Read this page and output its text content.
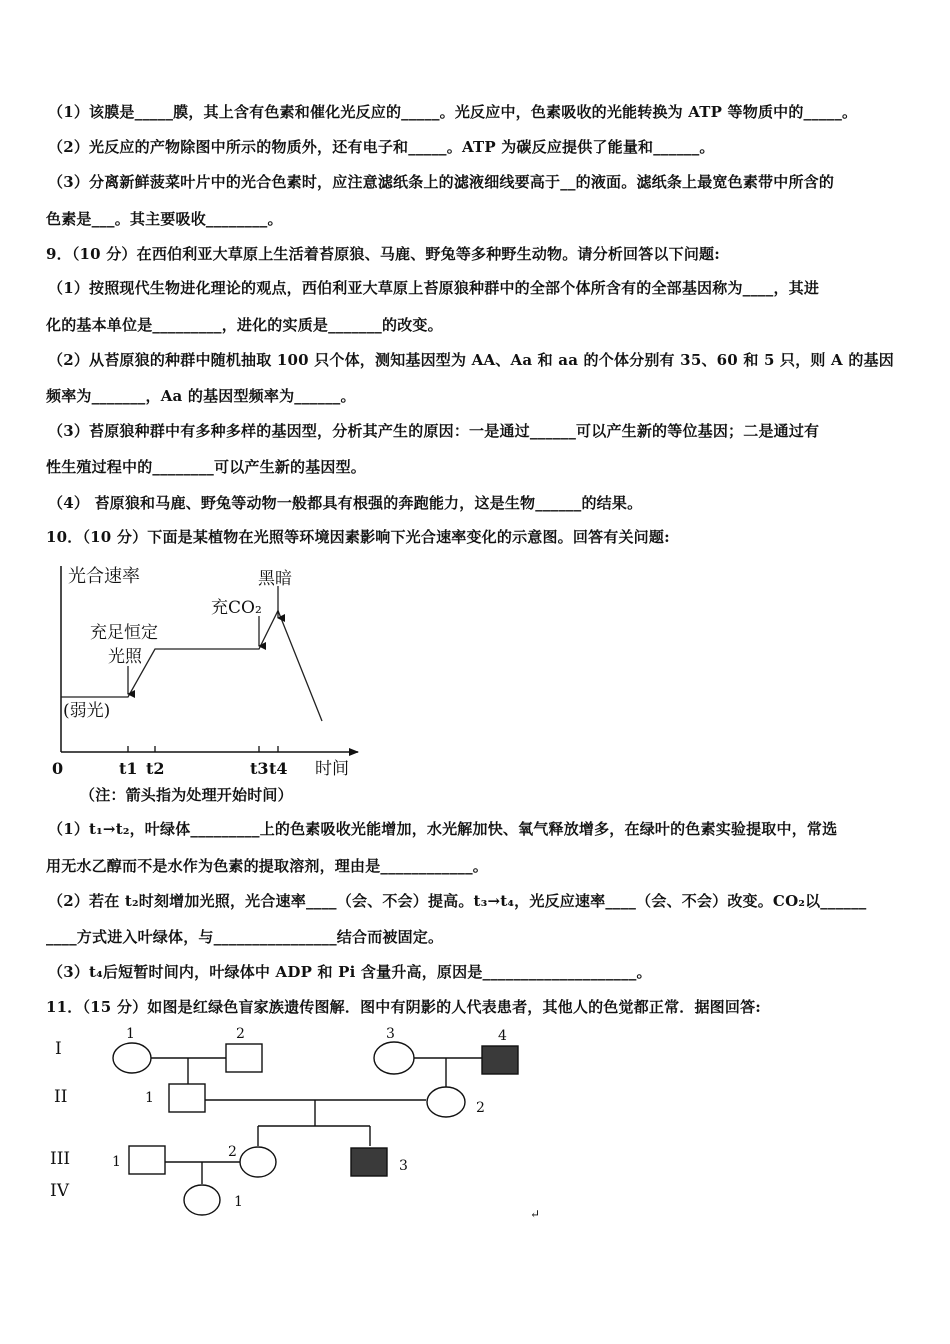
（1）该膜是_____膜，其上含有色素和催化光反应的_____。光反应中，色素吸收的光能转换为 ATP 等物质中的_____。
（2）光反应的产物除图中所示的物质外，还有电子和_____。ATP 为碳反应提供了能量和______。
（3）分离新鲜菠菜叶片中的光合色素时，应注意滤纸条上的滤液细线要高于__的液面。滤纸条上最宽色素带中所含的
色素是___。其主要吸收________。
9．（10 分）在西伯利亚大草原上生活着苔原狼、马鹿、野兔等多种野生动物。请分析回答以下问题:
（1）按照现代生物进化理论的观点，西伯利亚大草原上苔原狼种群中的全部个体所含有的全部基因称为____，其进
化的基本单位是_________，进化的实质是_______的改变。
（2）从苔原狼的种群中随机抽取 100 只个体，测知基因型为 AA、Aa 和 aa 的个体分别有 35、60 和 5 只，则 A 的基因
频率为_______，Aa 的基因型频率为______。
（3）苔原狼种群中有多种多样的基因型，分析其产生的原因：一是通过______可以产生新的等位基因；二是通过有
性生殖过程中的________可以产生新的基因型。
（4） 苔原狼和马鹿、野兔等动物一般都具有根强的奔跑能力，这是生物______的结果。
10．（10 分）下面是某植物在光照等环境因素影响下光合速率变化的示意图。回答有关问题:
光合速率
时间
0	t1 t2	t3 t4
(弱光)
充足恒定
光照
充CO₂
黑暗
（注：箭头指为处理开始时间）
（1）t₁→t₂，叶绿体_________上的色素吸收光能增加，水光解加快、氧气释放增多，在绿叶的色素实验提取中，常选
用无水乙醇而不是水作为色素的提取溶剂，理由是____________。
（2）若在 t₂时刻增加光照，光合速率____（会、不会）提高。t₃→t₄，光反应速率____（会、不会）改变。CO₂以______
____方式进入叶绿体，与________________结合而被固定。
（3）t₄后短暂时间内，叶绿体中 ADP 和 Pi 含量升高，原因是____________________。
11．（15 分）如图是红绿色盲家族遗传图解．图中有阴影的人代表患者，其他人的色觉都正常．据图回答:
I
II
III
IV
1	2	3	4
1
2
1
2
3
1
↵
